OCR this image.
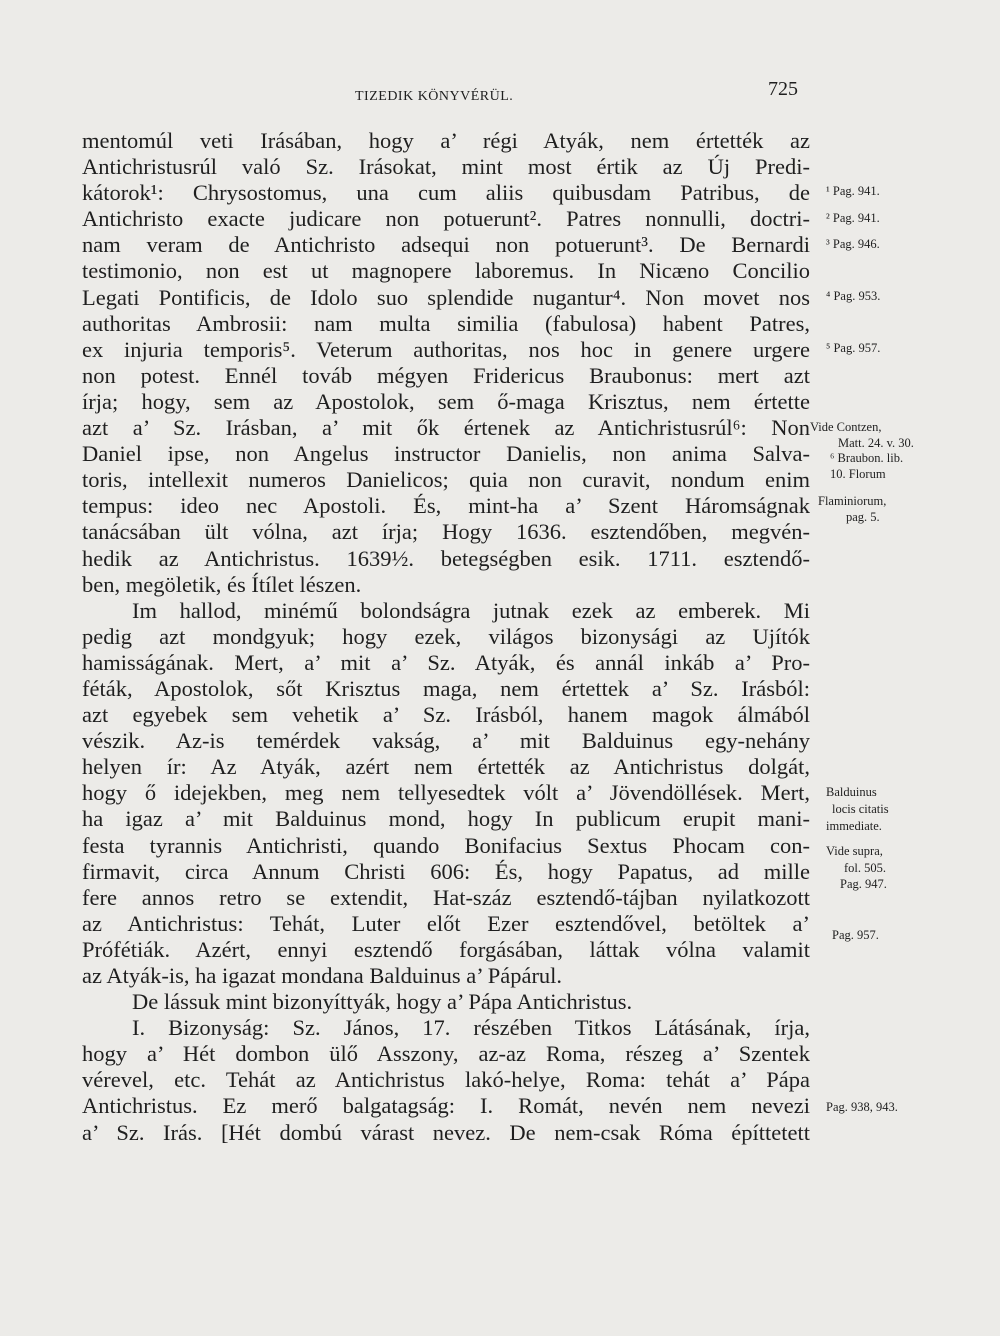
TIZEDIK KÖNYVÉRÜL.	725
mentomúl veti Irásában, hogy a’ régi Atyák, nem értették az
Antichristusrúl való Sz. Irásokat, mint most értik az Új Predi-
kátorok¹: Chrysostomus, una cum aliis quibusdam Patribus, de
Antichristo exacte judicare non potuerunt². Patres nonnulli, doctri-
nam veram de Antichristo adsequi non potuerunt³. De Bernardi
testimonio, non est ut magnopere laboremus. In Nicæno Concilio
Legati Pontificis, de Idolo suo splendide nugantur⁴. Non movet nos
authoritas Ambrosii: nam multa similia (fabulosa) habent Patres,
ex injuria temporis⁵. Veterum authoritas, nos hoc in genere urgere
non potest. Ennél továb mégyen Fridericus Braubonus: mert azt
írja; hogy, sem az Apostolok, sem ő-maga Krisztus, nem értette
azt a’ Sz. Irásban, a’ mit ők értenek az Antichristusrúl⁶: Non
Daniel ipse, non Angelus instructor Danielis, non anima Salva-
toris, intellexit numeros Danielicos; quia non curavit, nondum enim
tempus: ideo nec Apostoli. És, mint-ha a’ Szent Háromságnak
tanácsában ült vólna, azt írja; Hogy 1636. esztendőben, megvén-
hedik az Antichristus. 1639½. betegségben esik. 1711. esztendő-
ben, megöletik, és Ítílet lészen.
Im hallod, minémű bolondságra jutnak ezek az emberek. Mi
pedig azt mondgyuk; hogy ezek, világos bizonysági az Ujítók
hamisságának. Mert, a’ mit a’ Sz. Atyák, és annál inkáb a’ Pro-
féták, Apostolok, sőt Krisztus maga, nem értettek a’ Sz. Irásból:
azt egyebek sem vehetik a’ Sz. Irásból, hanem magok álmából
vészik. Az-is temérdek vakság, a’ mit Balduinus egy-nehány
helyen ír: Az Atyák, azért nem értették az Antichristus dolgát,
hogy ő idejekben, meg nem tellyesedtek vólt a’ Jövendöllések. Mert,
ha igaz a’ mit Balduinus mond, hogy In publicum erupit mani-
festa tyrannis Antichristi, quando Bonifacius Sextus Phocam con-
firmavit, circa Annum Christi 606: És, hogy Papatus, ad mille
fere annos retro se extendit, Hat-száz esztendő-tájban nyilatkozott
az Antichristus: Tehát, Luter előt Ezer esztendővel, betöltek a’
Prófétiák. Azért, ennyi esztendő forgásában, láttak vólna valamit
az Atyák-is, ha igazat mondana Balduinus a’ Pápárul.
De lássuk mint bizonyíttyák, hogy a’ Pápa Antichristus.
I. Bizonyság: Sz. János, 17. részében Titkos Látásának, írja,
hogy a’ Hét dombon ülő Asszony, az-az Roma, részeg a’ Szentek
vérevel, etc. Tehát az Antichristus lakó-helye, Roma: tehát a’ Pápa
Antichristus. Ez merő balgatagság: I. Romát, nevén nem nevezi
a’ Sz. Irás. [Hét dombú várast nevez. De nem-csak Róma építtetett
¹ Pag. 941.
² Pag. 941.
³ Pag. 946.
⁴ Pag. 953.
⁵ Pag. 957.
Vide Contzen,
Matt. 24. v. 30.
⁶ Braubon. lib.
10. Florum
Flaminiorum,
pag. 5.
Balduinus
locis citatis
immediate.
Vide supra,
fol. 505.
Pag. 947.
Pag. 957.
Pag. 938, 943.
